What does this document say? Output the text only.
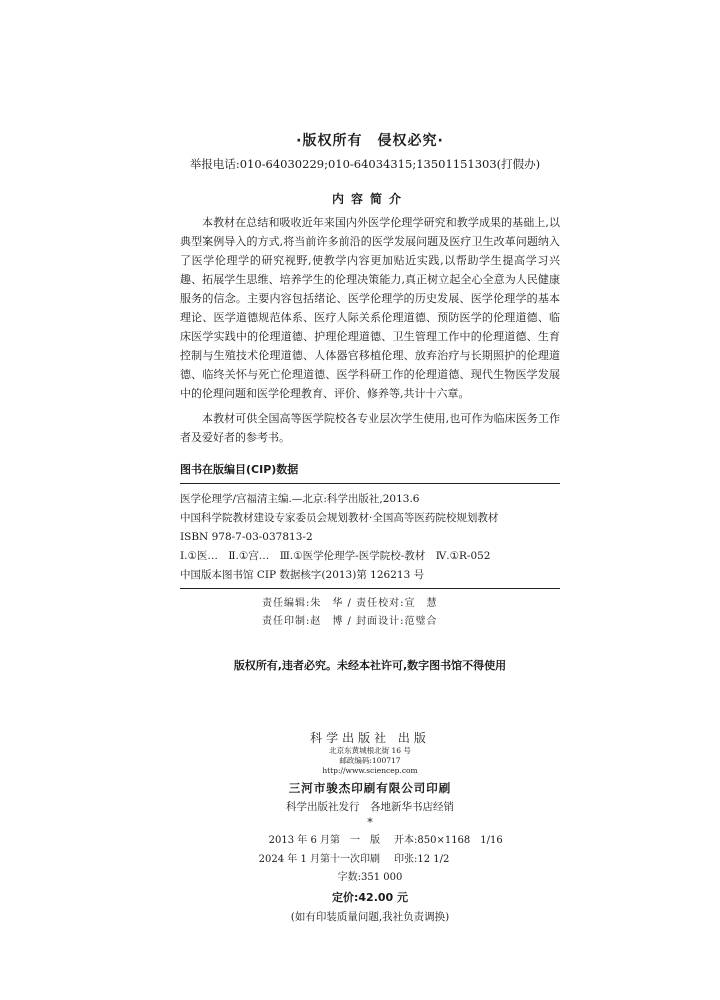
·版权所有　侵权必究·
举报电话:010-64030229;010-64034315;13501151303(打假办)
内容简介
本教材在总结和吸收近年来国内外医学伦理学研究和教学成果的基础上,以典型案例导入的方式,将当前许多前沿的医学发展问题及医疗卫生改革问题纳入了医学伦理学的研究视野,使教学内容更加贴近实践,以帮助学生提高学习兴趣、拓展学生思维、培养学生的伦理决策能力,真正树立起全心全意为人民健康服务的信念。主要内容包括绪论、医学伦理学的历史发展、医学伦理学的基本理论、医学道德规范体系、医疗人际关系伦理道德、预防医学的伦理道德、临床医学实践中的伦理道德、护理伦理道德、卫生管理工作中的伦理道德、生育控制与生殖技术伦理道德、人体器官移植伦理、放弃治疗与长期照护的伦理道德、临终关怀与死亡伦理道德、医学科研工作的伦理道德、现代生物医学发展中的伦理问题和医学伦理教育、评价、修养等,共计十六章。
本教材可供全国高等医学院校各专业层次学生使用,也可作为临床医务工作者及爱好者的参考书。
图书在版编目(CIP)数据
医学伦理学/宫福清主编.—北京:科学出版社,2013.6
中国科学院教材建设专家委员会规划教材·全国高等医药院校规划教材
ISBN 978-7-03-037813-2
Ⅰ.①医…　Ⅱ.①宫…　Ⅲ.①医学伦理学-医学院校-教材　Ⅳ.①R-052
中国版本图书馆 CIP 数据核字(2013)第 126213 号
责任编辑:朱　华 / 责任校对:宣　慧
责任印制:赵　博 / 封面设计:范璧合
版权所有,违者必究。未经本社许可,数字图书馆不得使用
科学出版社 出版
北京东黄城根北街 16 号
邮政编码:100717
http://www.sciencep.com
三河市骏杰印刷有限公司印刷
科学出版社发行　各地新华书店经销
*
2013 年 6 月第　一　版	开本:850×1168　1/16
2024 年 1 月第十一次印刷	印张:12 1/2
字数:351 000
定价:42.00 元
(如有印装质量问题,我社负责调换)
